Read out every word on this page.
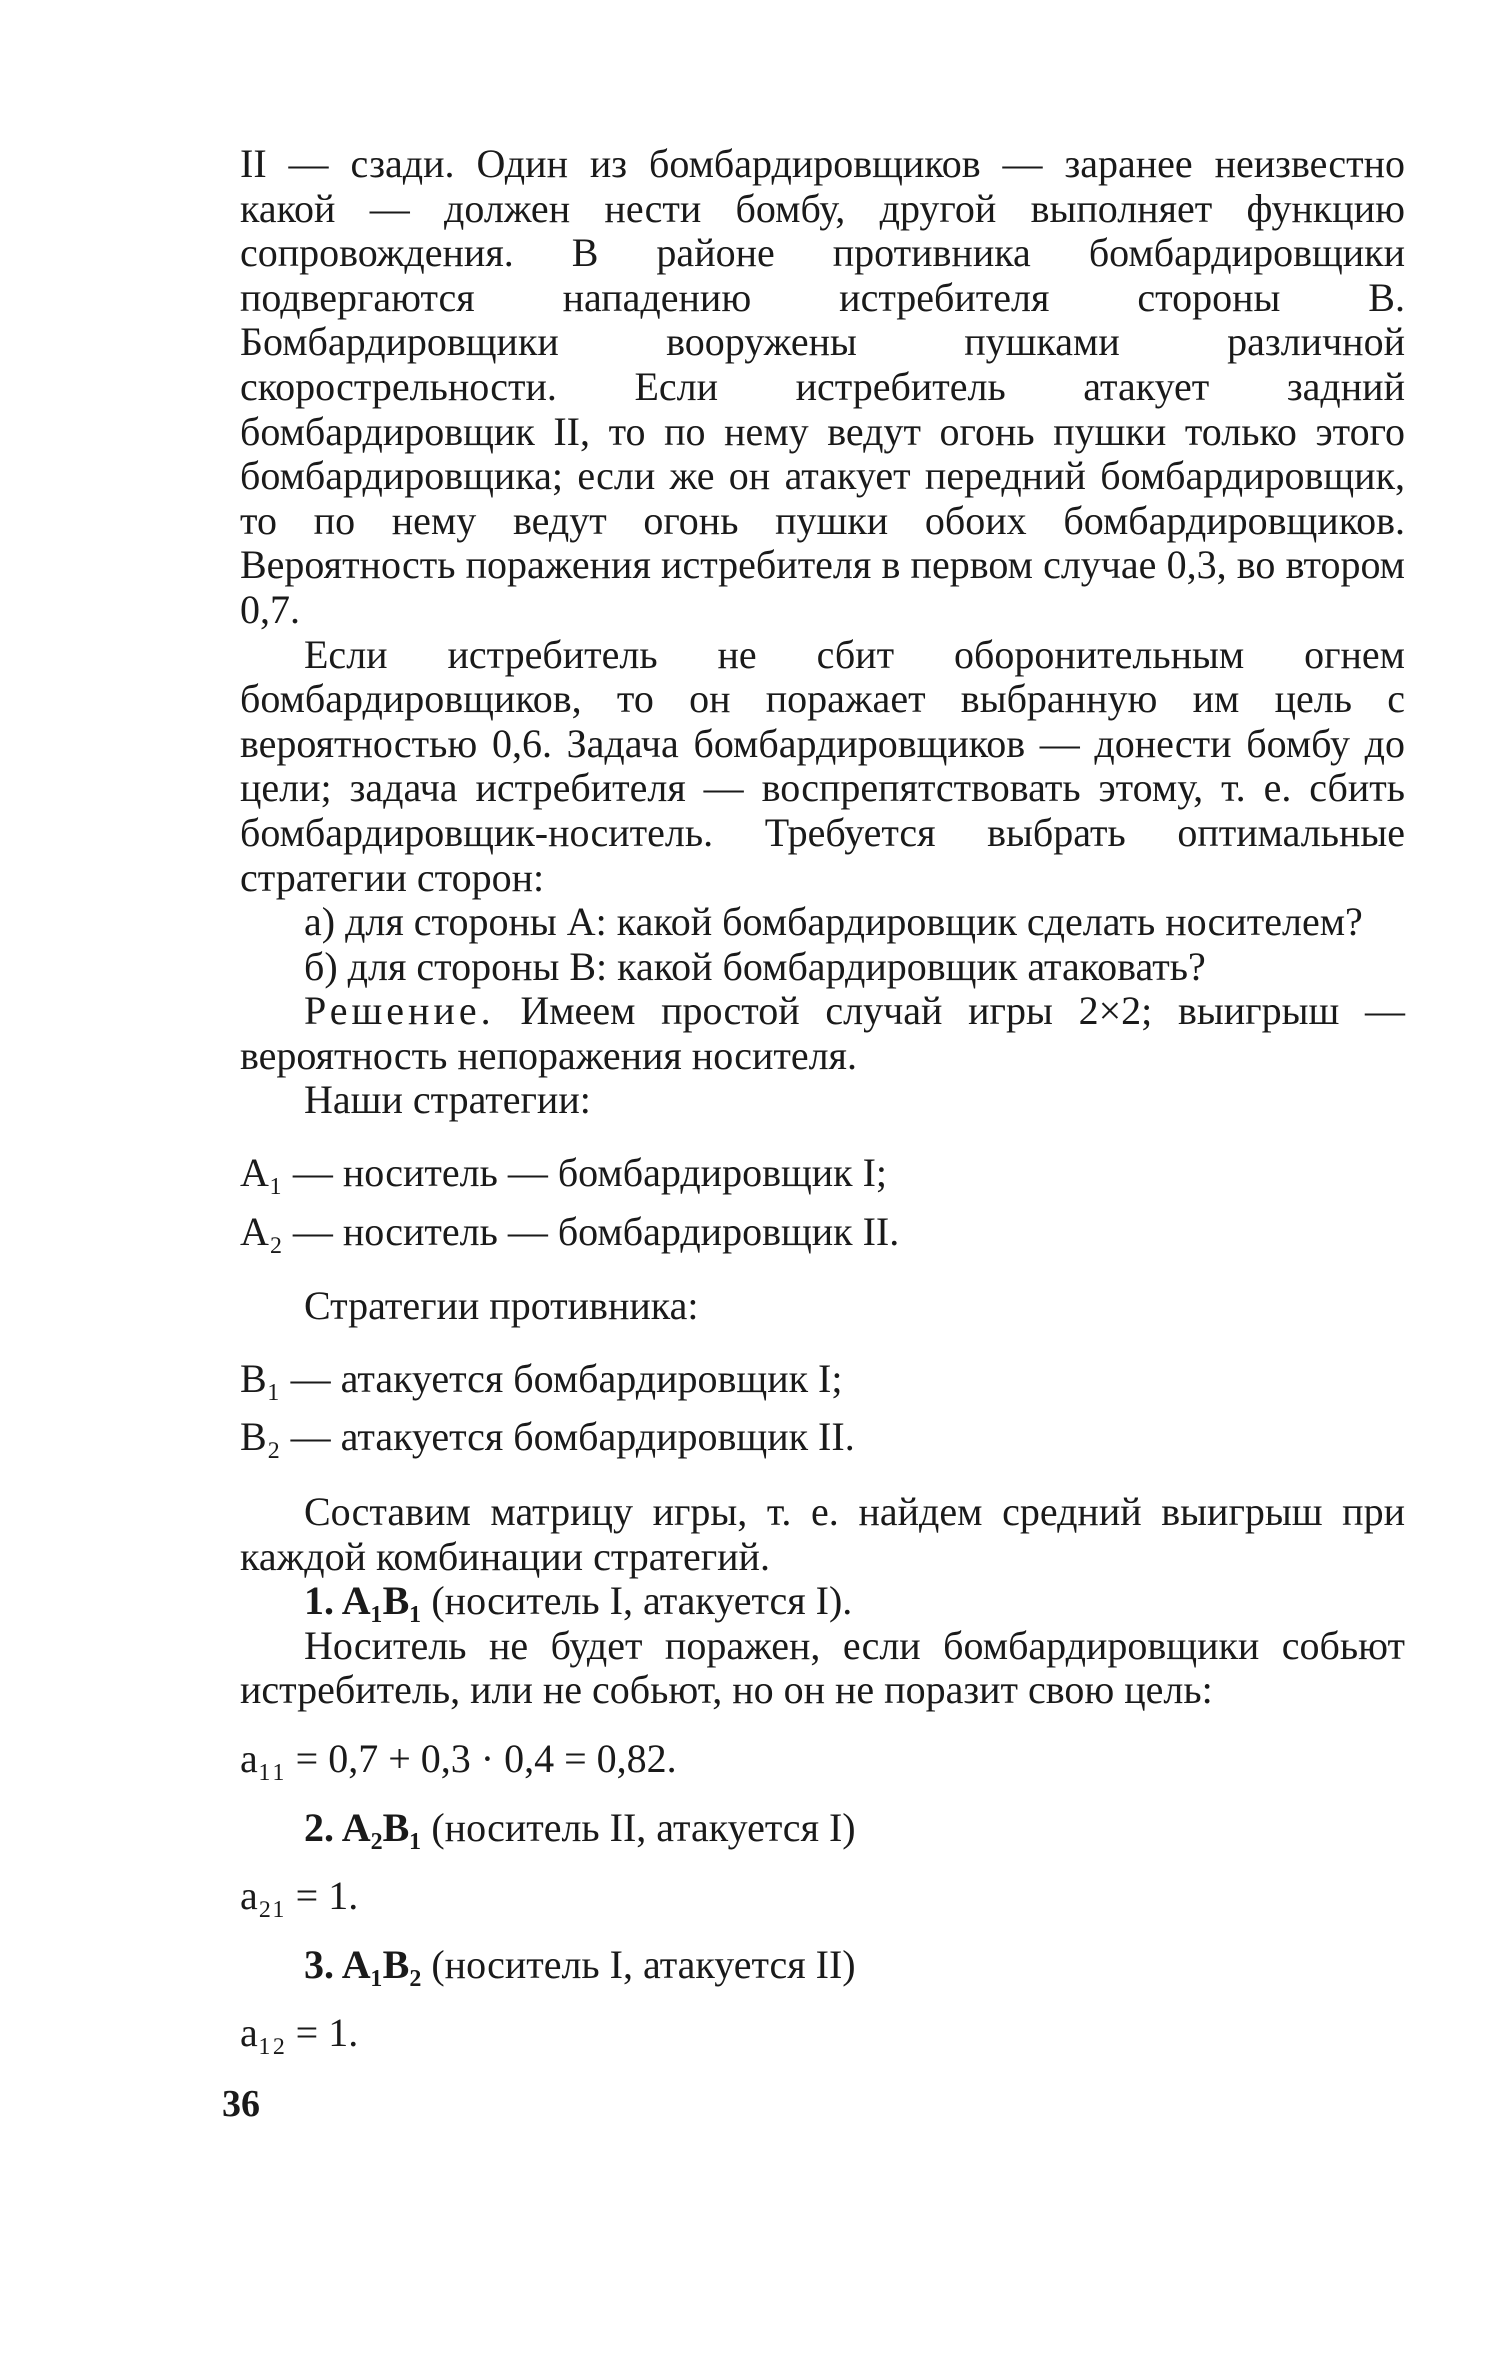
II — сзади. Один из бомбардировщиков — заранее неизвестно какой — должен нести бомбу, другой выполняет функцию сопровождения. В районе противника бомбардировщики подвергаются нападению истребителя стороны B. Бомбардировщики вооружены пушками различной скорострельности. Если истребитель атакует задний бомбардировщик II, то по нему ведут огонь пушки только этого бомбардировщика; если же он атакует передний бомбардировщик, то по нему ведут огонь пушки обоих бомбардировщиков. Вероятность поражения истребителя в первом случае 0,3, во втором 0,7.

Если истребитель не сбит оборонительным огнем бомбардировщиков, то он поражает выбранную им цель с вероятностью 0,6. Задача бомбардировщиков — донести бомбу до цели; задача истребителя — воспрепятствовать этому, т. е. сбить бомбардировщик-носитель. Требуется выбрать оптимальные стратегии сторон:

а) для стороны A: какой бомбардировщик сделать носителем?

б) для стороны B: какой бомбардировщик атаковать?

Решение. Имеем простой случай игры 2×2; выигрыш — вероятность непоражения носителя.

Наши стратегии:

A₁ — носитель — бомбардировщик I;

A₂ — носитель — бомбардировщик II.

Стратегии противника:

B₁ — атакуется бомбардировщик I;

B₂ — атакуется бомбардировщик II.

Составим матрицу игры, т. е. найдем средний выигрыш при каждой комбинации стратегий.

1. A₁B₁ (носитель I, атакуется I).

Носитель не будет поражен, если бомбардировщики собьют истребитель, или не собьют, но он не поразит свою цель:

a₁₁ = 0,7 + 0,3 · 0,4 = 0,82.

2. A₂B₁ (носитель II, атакуется I)

a₂₁ = 1.

3. A₁B₂ (носитель I, атакуется II)

a₁₂ = 1.

36
